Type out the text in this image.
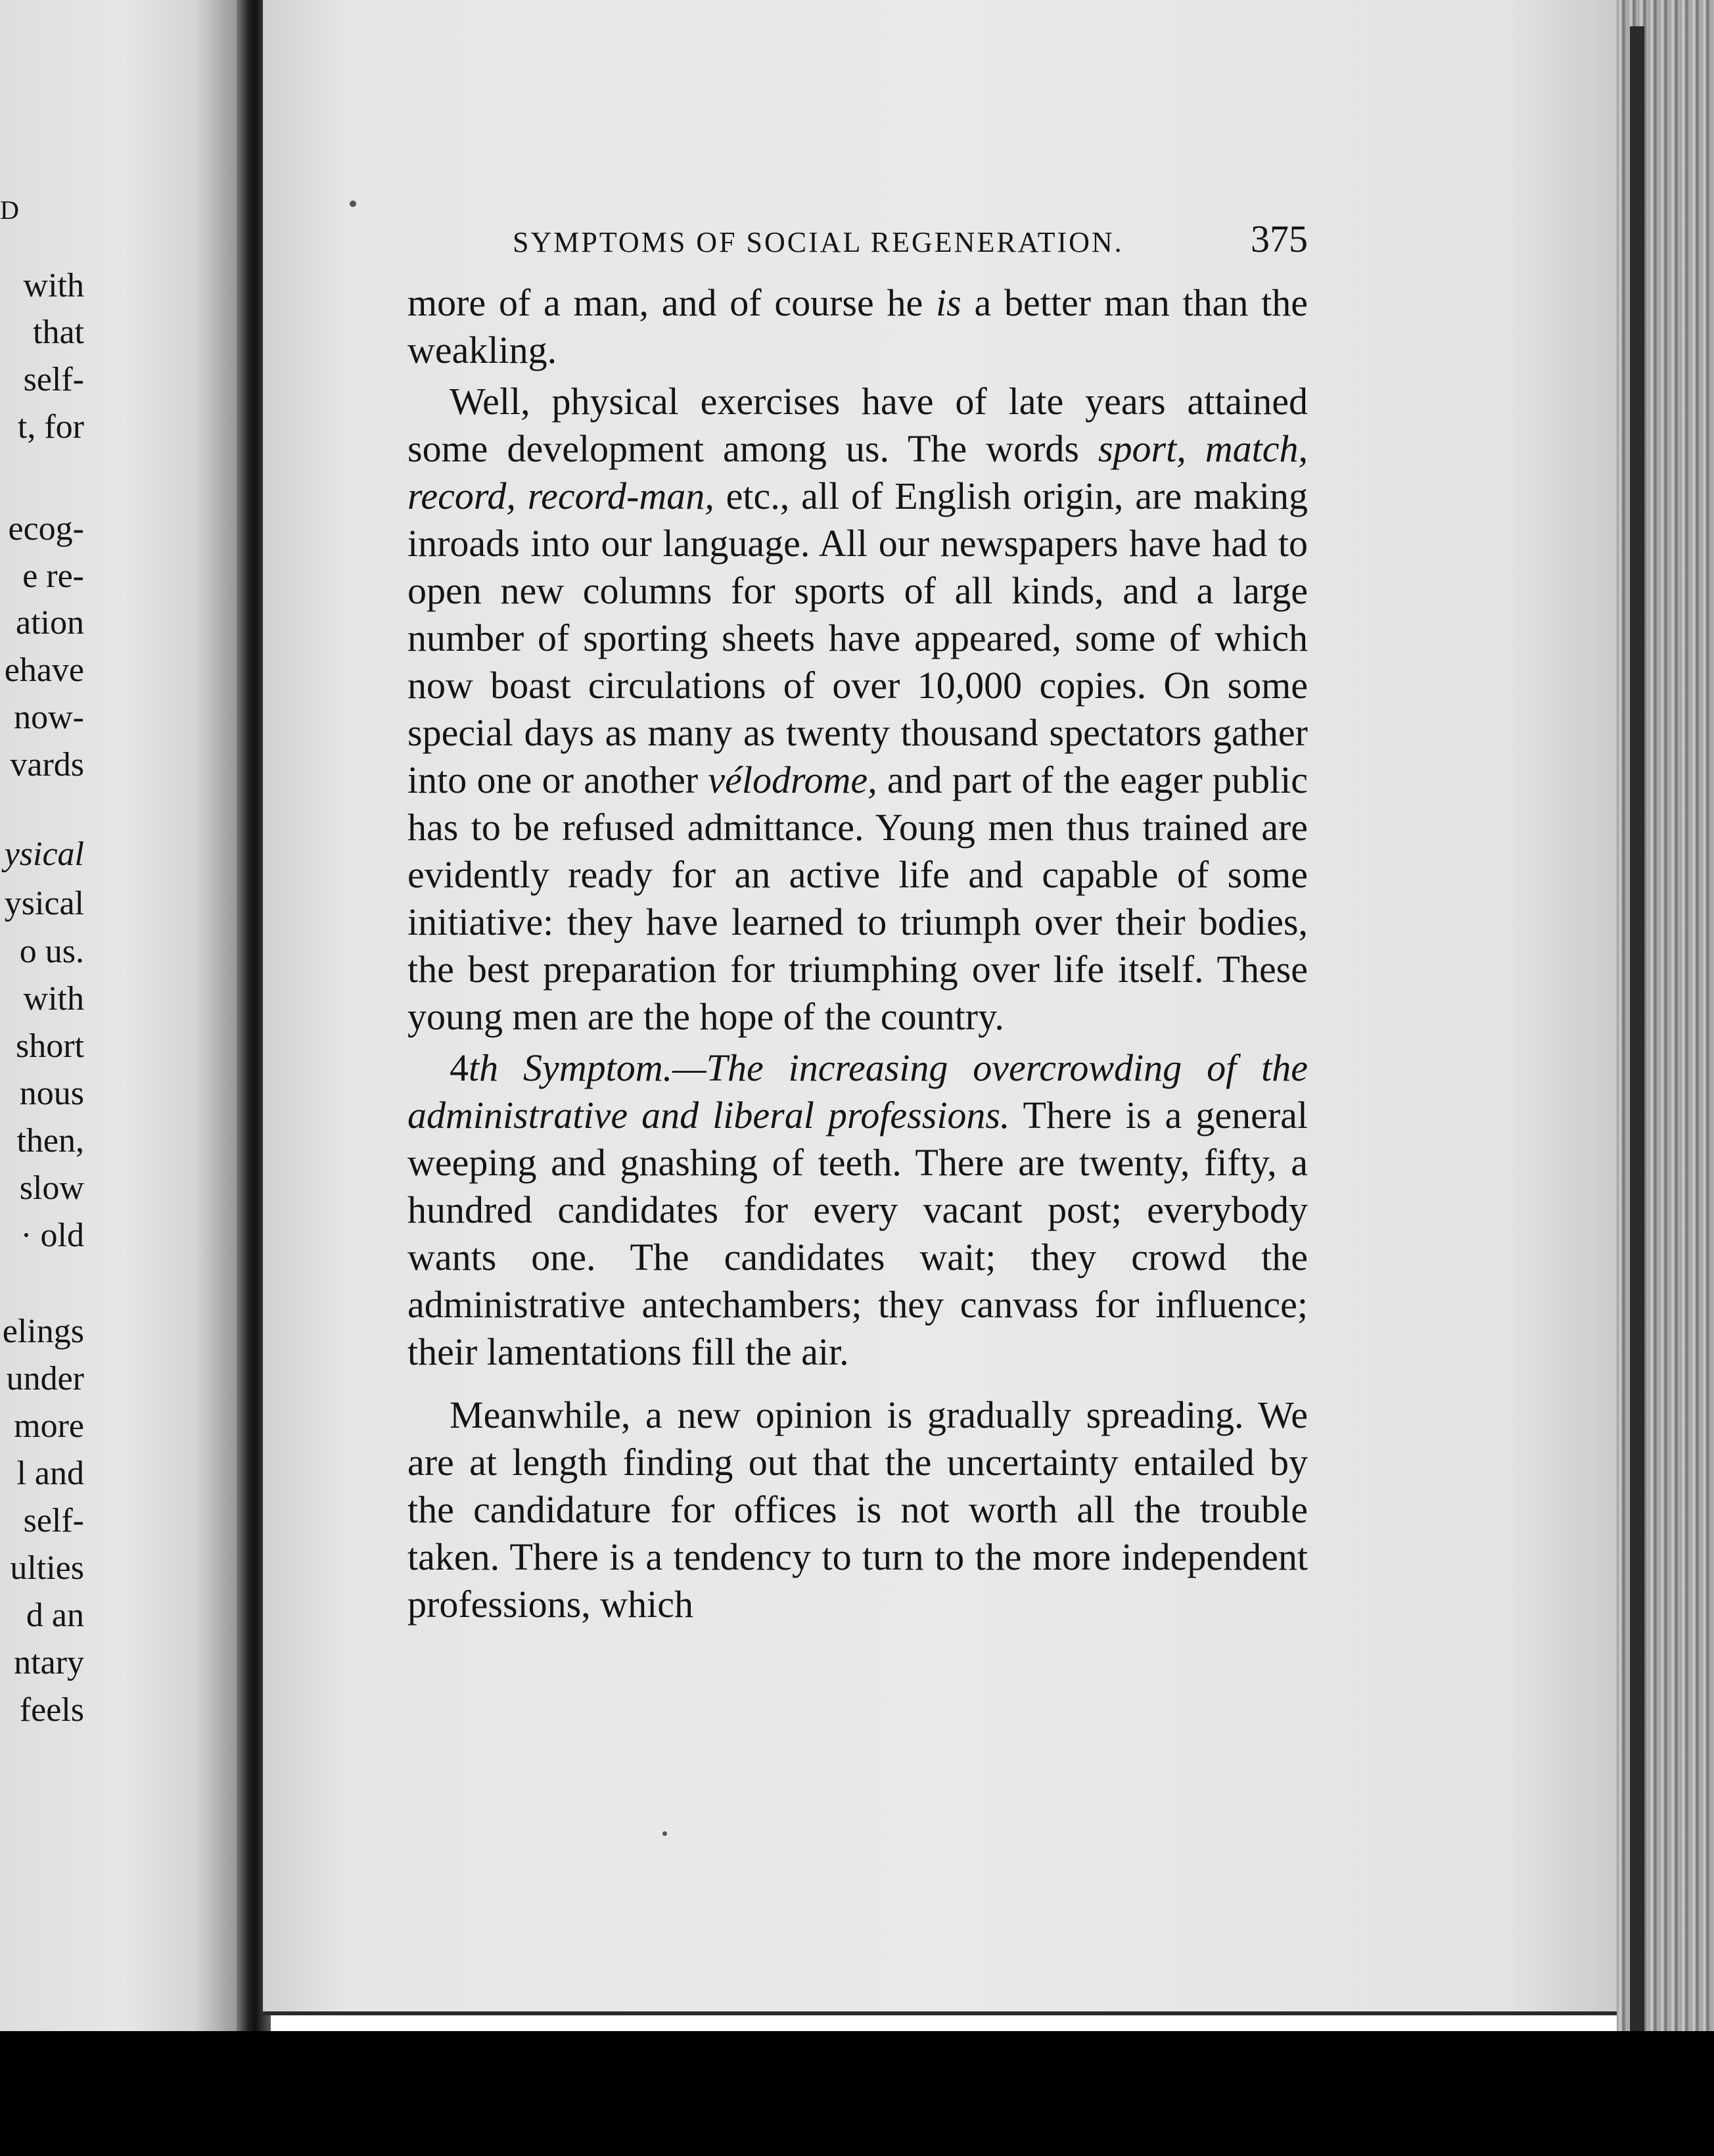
D
with
that
self-
t, for
ecog-
e re-
ation
ehave
now-
vards
ysical
ysical
o us.
with
short
nous
then,
slow
· old
elings
under
more
l and
self-
ulties
d an
ntary
feels
SYMPTOMS OF SOCIAL REGENERATION.	375

more of a man, and of course he is a better man than the weakling.

Well, physical exercises have of late years attained some development among us. The words sport, match, record, record-man, etc., all of English origin, are making inroads into our language. All our newspapers have had to open new columns for sports of all kinds, and a large number of sporting sheets have appeared, some of which now boast circulations of over 10,000 copies. On some special days as many as twenty thousand spectators gather into one or another vélodrome, and part of the eager public has to be refused admittance. Young men thus trained are evidently ready for an active life and capable of some initiative: they have learned to triumph over their bodies, the best preparation for triumphing over life itself. These young men are the hope of the country.

4th Symptom.—The increasing overcrowding of the administrative and liberal professions. There is a general weeping and gnashing of teeth. There are twenty, fifty, a hundred candidates for every vacant post; everybody wants one. The candidates wait; they crowd the administrative antechambers; they canvass for influence; their lamentations fill the air.

Meanwhile, a new opinion is gradually spreading. We are at length finding out that the uncertainty entailed by the candidature for offices is not worth all the trouble taken. There is a tendency to turn to the more independent professions, which
